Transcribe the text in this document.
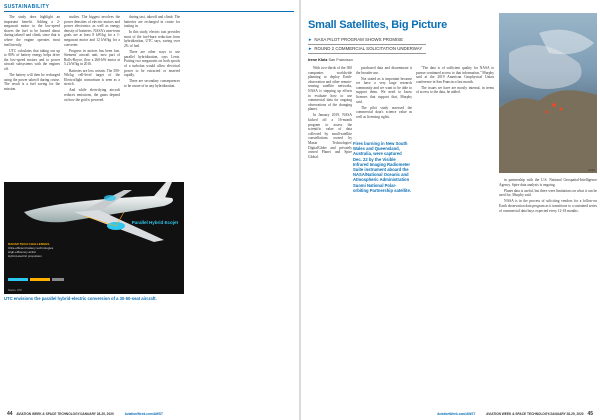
SUSTAINABILITY

The study does highlight an important benefit. Adding a 2-megawatt motor to the low-speed shaves the fuel to be burned about during takeoff and climb, since that is where the engine operates most inefficiently.

UTC calculates that taking out up to 80% of battery energy helps drive the low-speed motors and to power aircraft subsystems with the engines off.

The battery will then be recharged using the power takeoff during cruise. The result is a fuel saving for the mission.

studies. The biggest involves the power densities of electric motors and power electronics as well as energy density of batteries. NASA's near-term goals are at least 8 kW/kg for a 1-megawatt motor and 12 kW/kg for a converter.

Progress in motors has been fast. Siemens' aircraft unit, now part of Rolls-Royce, flew a 260-kW motor at 5.2 kW/kg in 2016.

Batteries are less certain. The 500-Wh/kg cell-level target of the Electroflight consortium is seen as a stretch.

And while electrifying aircraft reduces emissions, the gains depend on how the grid is powered.

during taxi, takeoff and climb. The batteries are recharged in cruise for taxiing in.

In this study, electric taxi provides most of the fuel-burn reduction from hybridization, UTC says, saving over 2% of fuel.

There are other ways to use parallel hybridization, says Lents. Putting two megawatts on both spools of a turbofan would allow electrical power to be extracted or inserted rapidly.

There are secondary consequences to be aware of in any hybridization.

Parallel Hybrid Ecojet
RADAR TECH CHALLENGES
Ultra-efficient battery technologies
High-efficiency airfoil
Hybrid-electric propulsion
Source: UTC
UTC envisions the parallel hybrid-electric conversion of a 30-50-seat aircraft.
44 AVIATION WEEK & SPACE TECHNOLOGY/JANUARY 28-29, 2020	AviationWeek.com/AWST
Small Satellites, Big Picture
► NASA PILOT PROGRAM SHOWS PROMISE
► ROUND 2 COMMERCIAL SOLICITATION UNDERWAY
Irene Klotz San Francisco

With two-thirds of the 300 companies worldwide planning to deploy Earth-observation and other remote-sensing satellite networks, NASA is stepping up efforts to evaluate how to use commercial data for ongoing observations of the changing planet.

In January 2019, NASA kicked off a 16-month program to assess the scientific value of data collected by small-satellite constellations owned by Maxar Technologies' DigitalGlobe and privately owned Planet and Spire Global.

purchased data and disseminate it the broader use.

Not stated as is important because we have a very large research community and we want to be able to support them. We need to know licenses that support that, Murphy said.

The pilot study assessed the commercial data's science value as well as licensing rights.

"The data is of sufficient quality for NASA to pursue continued access to that information," Murphy said at the 2019 American Geophysical Union conference in San Francisco last month.

The issues we have are mostly internal, in terms of access to the data, he added.

in partnership with the U.S. National Geospatial-Intelligence Agency. Spire data analysis is ongoing.

Planet data is useful, but there were limitations on what it can be used for, Murphy said.

NASA is in the process of soliciting vendors for a follow-on Earth observation data program as it transitions to a sustained series of commercial data buys expected every 12-18 months.

Fires burning in New South Wales and Queensland, Australia, were captured Dec. 22 by the Visible Infrared Imaging Radiometer Suite instrument aboard the NASA/National Oceanic and Atmospheric Administration Suomi National Polar-orbiting Partnership satellite.
NASA
AviationWeek.com/AWST	AVIATION WEEK & SPACE TECHNOLOGY/JANUARY 28-29, 2020 45
